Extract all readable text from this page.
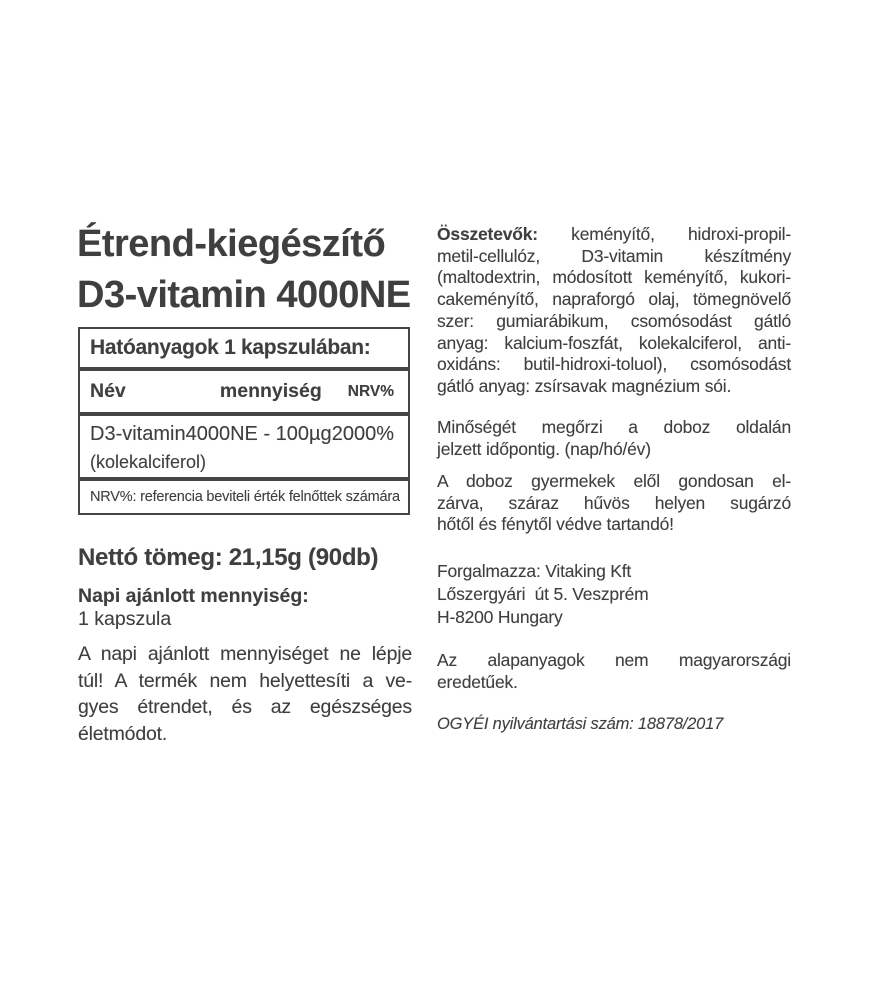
Étrend-kiegészítő
D3-vitamin 4000NE
Hatóanyagok 1 kapszulában:
Név	mennyiség NRV%
D3-vitamin 4000NE - 100µg 2000%
(kolekalciferol)
NRV%: referencia beviteli érték felnőttek számára
Nettó tömeg: 21,15g (90db)
Napi ajánlott mennyiség:
1 kapszula
A napi ajánlott mennyiséget ne lépje
túl! A termék nem helyettesíti a ve-
gyes étrendet, és az egészséges
életmódot.
Összetevők: keményítő, hidroxi-propil-
metil-cellulóz, D3-vitamin készítmény
(maltodextrin, módosított keményítő, kukori-
cakeményítő, napraforgó olaj, tömegnövelő
szer: gumiarábikum, csomósodást gátló
anyag: kalcium-foszfát, kolekalciferol, anti-
oxidáns: butil-hidroxi-toluol), csomósodást
gátló anyag: zsírsavak magnézium sói.
Minőségét megőrzi a doboz oldalán
jelzett időpontig. (nap/hó/év)
A doboz gyermekek elől gondosan el-
zárva, száraz hűvös helyen sugárzó
hőtől és fénytől védve tartandó!
Forgalmazza: Vitaking Kft
Lőszergyári  út 5. Veszprém
H-8200 Hungary
Az alapanyagok nem magyarországi
eredetűek.
OGYÉI nyilvántartási szám: 18878/2017
